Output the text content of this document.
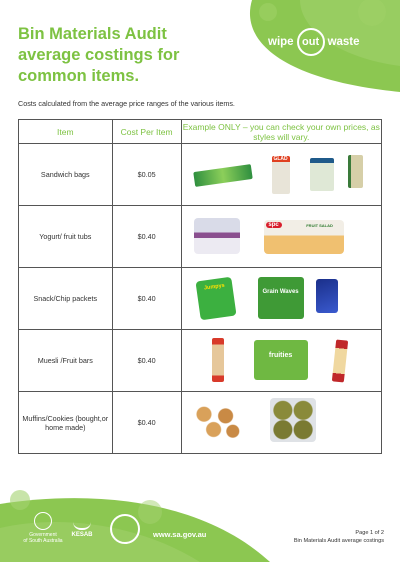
Bin Materials Audit
average costings for
common items.
wipe out waste
Costs calculated from the average price ranges of the various items.
Item	Cost Per Item	Example ONLY – you can check your own prices, as styles will vary.
Sandwich bags	$0.05	GLAD

Yogurt/ fruit tubs	$0.40	spc FRUIT SALAD

Snack/Chip packets	$0.40	Jumpys
Grain Waves

Muesli /Fruit bars	$0.40	fruities

Muffins/Cookies (bought,or home made)	$0.40	
Government
of South Australia
KESAB	www.sa.gov.au	Page 1 of 2
Bin Materials Audit average costings
